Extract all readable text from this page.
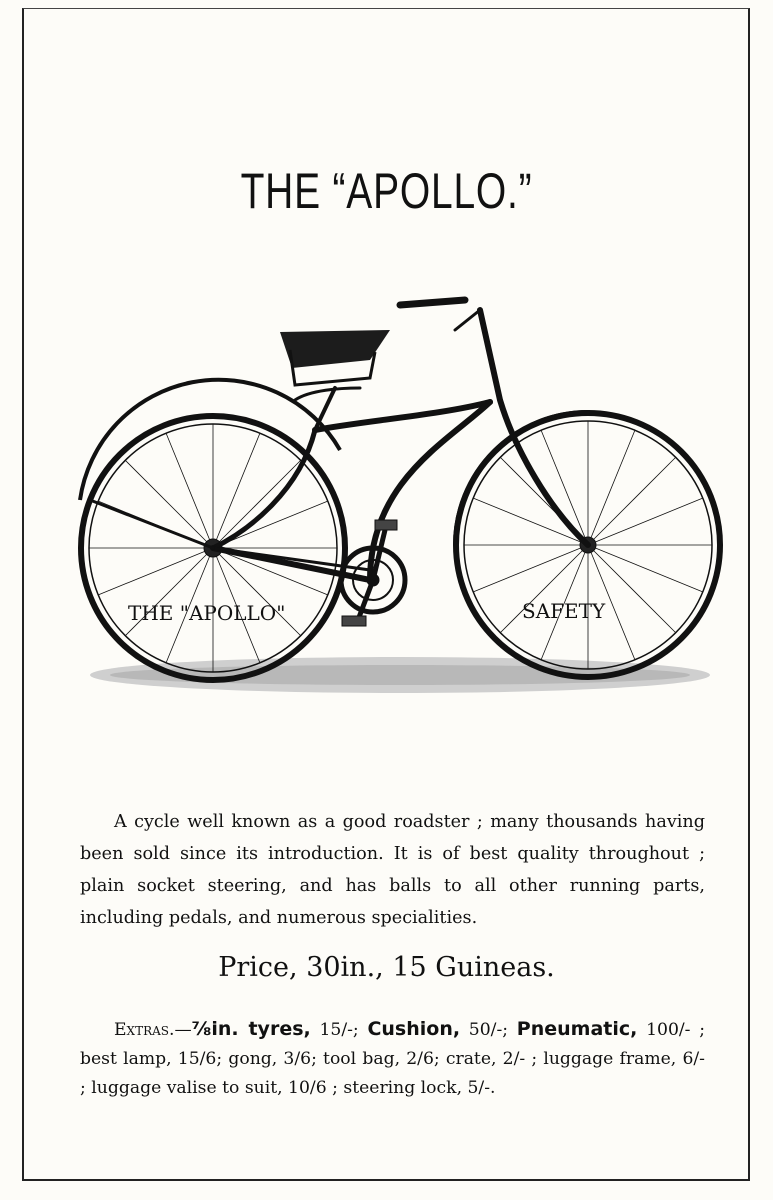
THE “APOLLO.”
THE "APOLLO"	SAFETY
A cycle well known as a good roadster ; many thousands having been sold since its introduction. It is of best quality throughout ; plain socket steering, and has balls to all other running parts, including pedals, and numerous specialities.
Price, 30in., 15 Guineas.
Extras.—⅞in. tyres, 15/-; Cushion, 50/-; Pneumatic, 100/- ; best lamp, 15/6; gong, 3/6; tool bag, 2/6; crate, 2/- ; luggage frame, 6/- ; luggage valise to suit, 10/6 ; steering lock, 5/-.
